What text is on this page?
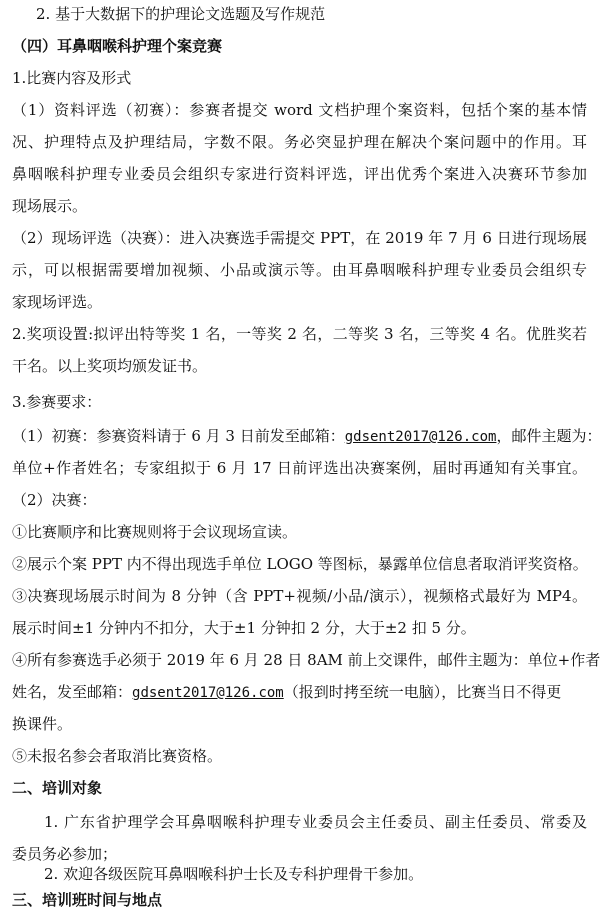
2. 基于大数据下的护理论文选题及写作规范
（四）耳鼻咽喉科护理个案竞赛
1.比赛内容及形式
（1）资料评选（初赛）：参赛者提交 word 文档护理个案资料，包括个案的基本情
况、护理特点及护理结局，字数不限。务必突显护理在解决个案问题中的作用。耳
鼻咽喉科护理专业委员会组织专家进行资料评选，评出优秀个案进入决赛环节参加
现场展示。
（2）现场评选（决赛）：进入决赛选手需提交 PPT，在 2019 年 7 月 6 日进行现场展
示，可以根据需要增加视频、小品或演示等。由耳鼻咽喉科护理专业委员会组织专
家现场评选。
2.奖项设置:拟评出特等奖 1 名，一等奖 2 名，二等奖 3 名，三等奖 4 名。优胜奖若
干名。以上奖项均颁发证书。
3.参赛要求：
（1）初赛：参赛资料请于 6 月 3 日前发至邮箱：gdsent2017@126.com，邮件主题为：
单位+作者姓名；专家组拟于 6 月 17 日前评选出决赛案例，届时再通知有关事宜。
（2）决赛：
①比赛顺序和比赛规则将于会议现场宣读。
②展示个案 PPT 内不得出现选手单位 LOGO 等图标，暴露单位信息者取消评奖资格。
③决赛现场展示时间为 8 分钟（含 PPT+视频/小品/演示），视频格式最好为 MP4。
展示时间±1 分钟内不扣分，大于±1 分钟扣 2 分，大于±2 扣 5 分。
④所有参赛选手必须于 2019 年 6 月 28 日 8AM 前上交课件，邮件主题为：单位+作者
姓名，发至邮箱：gdsent2017@126.com（报到时拷至统一电脑），比赛当日不得更
换课件。
⑤未报名参会者取消比赛资格。
二、培训对象
1. 广东省护理学会耳鼻咽喉科护理专业委员会主任委员、副主任委员、常委及
委员务必参加；
2. 欢迎各级医院耳鼻咽喉科护士长及专科护理骨干参加。
三、培训班时间与地点
